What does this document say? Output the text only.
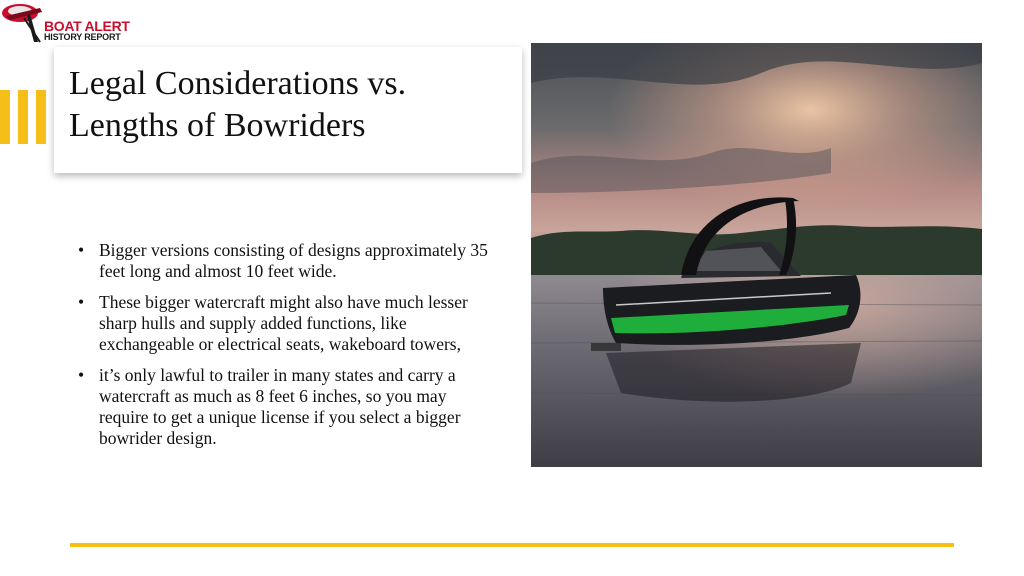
BOAT ALERT
HISTORY REPORT
Legal Considerations vs. Lengths of Bowriders
• Bigger versions consisting of designs approximately 35 feet long and almost 10 feet wide.
• These bigger watercraft might also have much lesser sharp hulls and supply added functions, like exchangeable or electrical seats, wakeboard towers,
• it’s only lawful to trailer in many states and carry a watercraft as much as 8 feet 6 inches, so you may require to get a unique license if you select a bigger bowrider design.
